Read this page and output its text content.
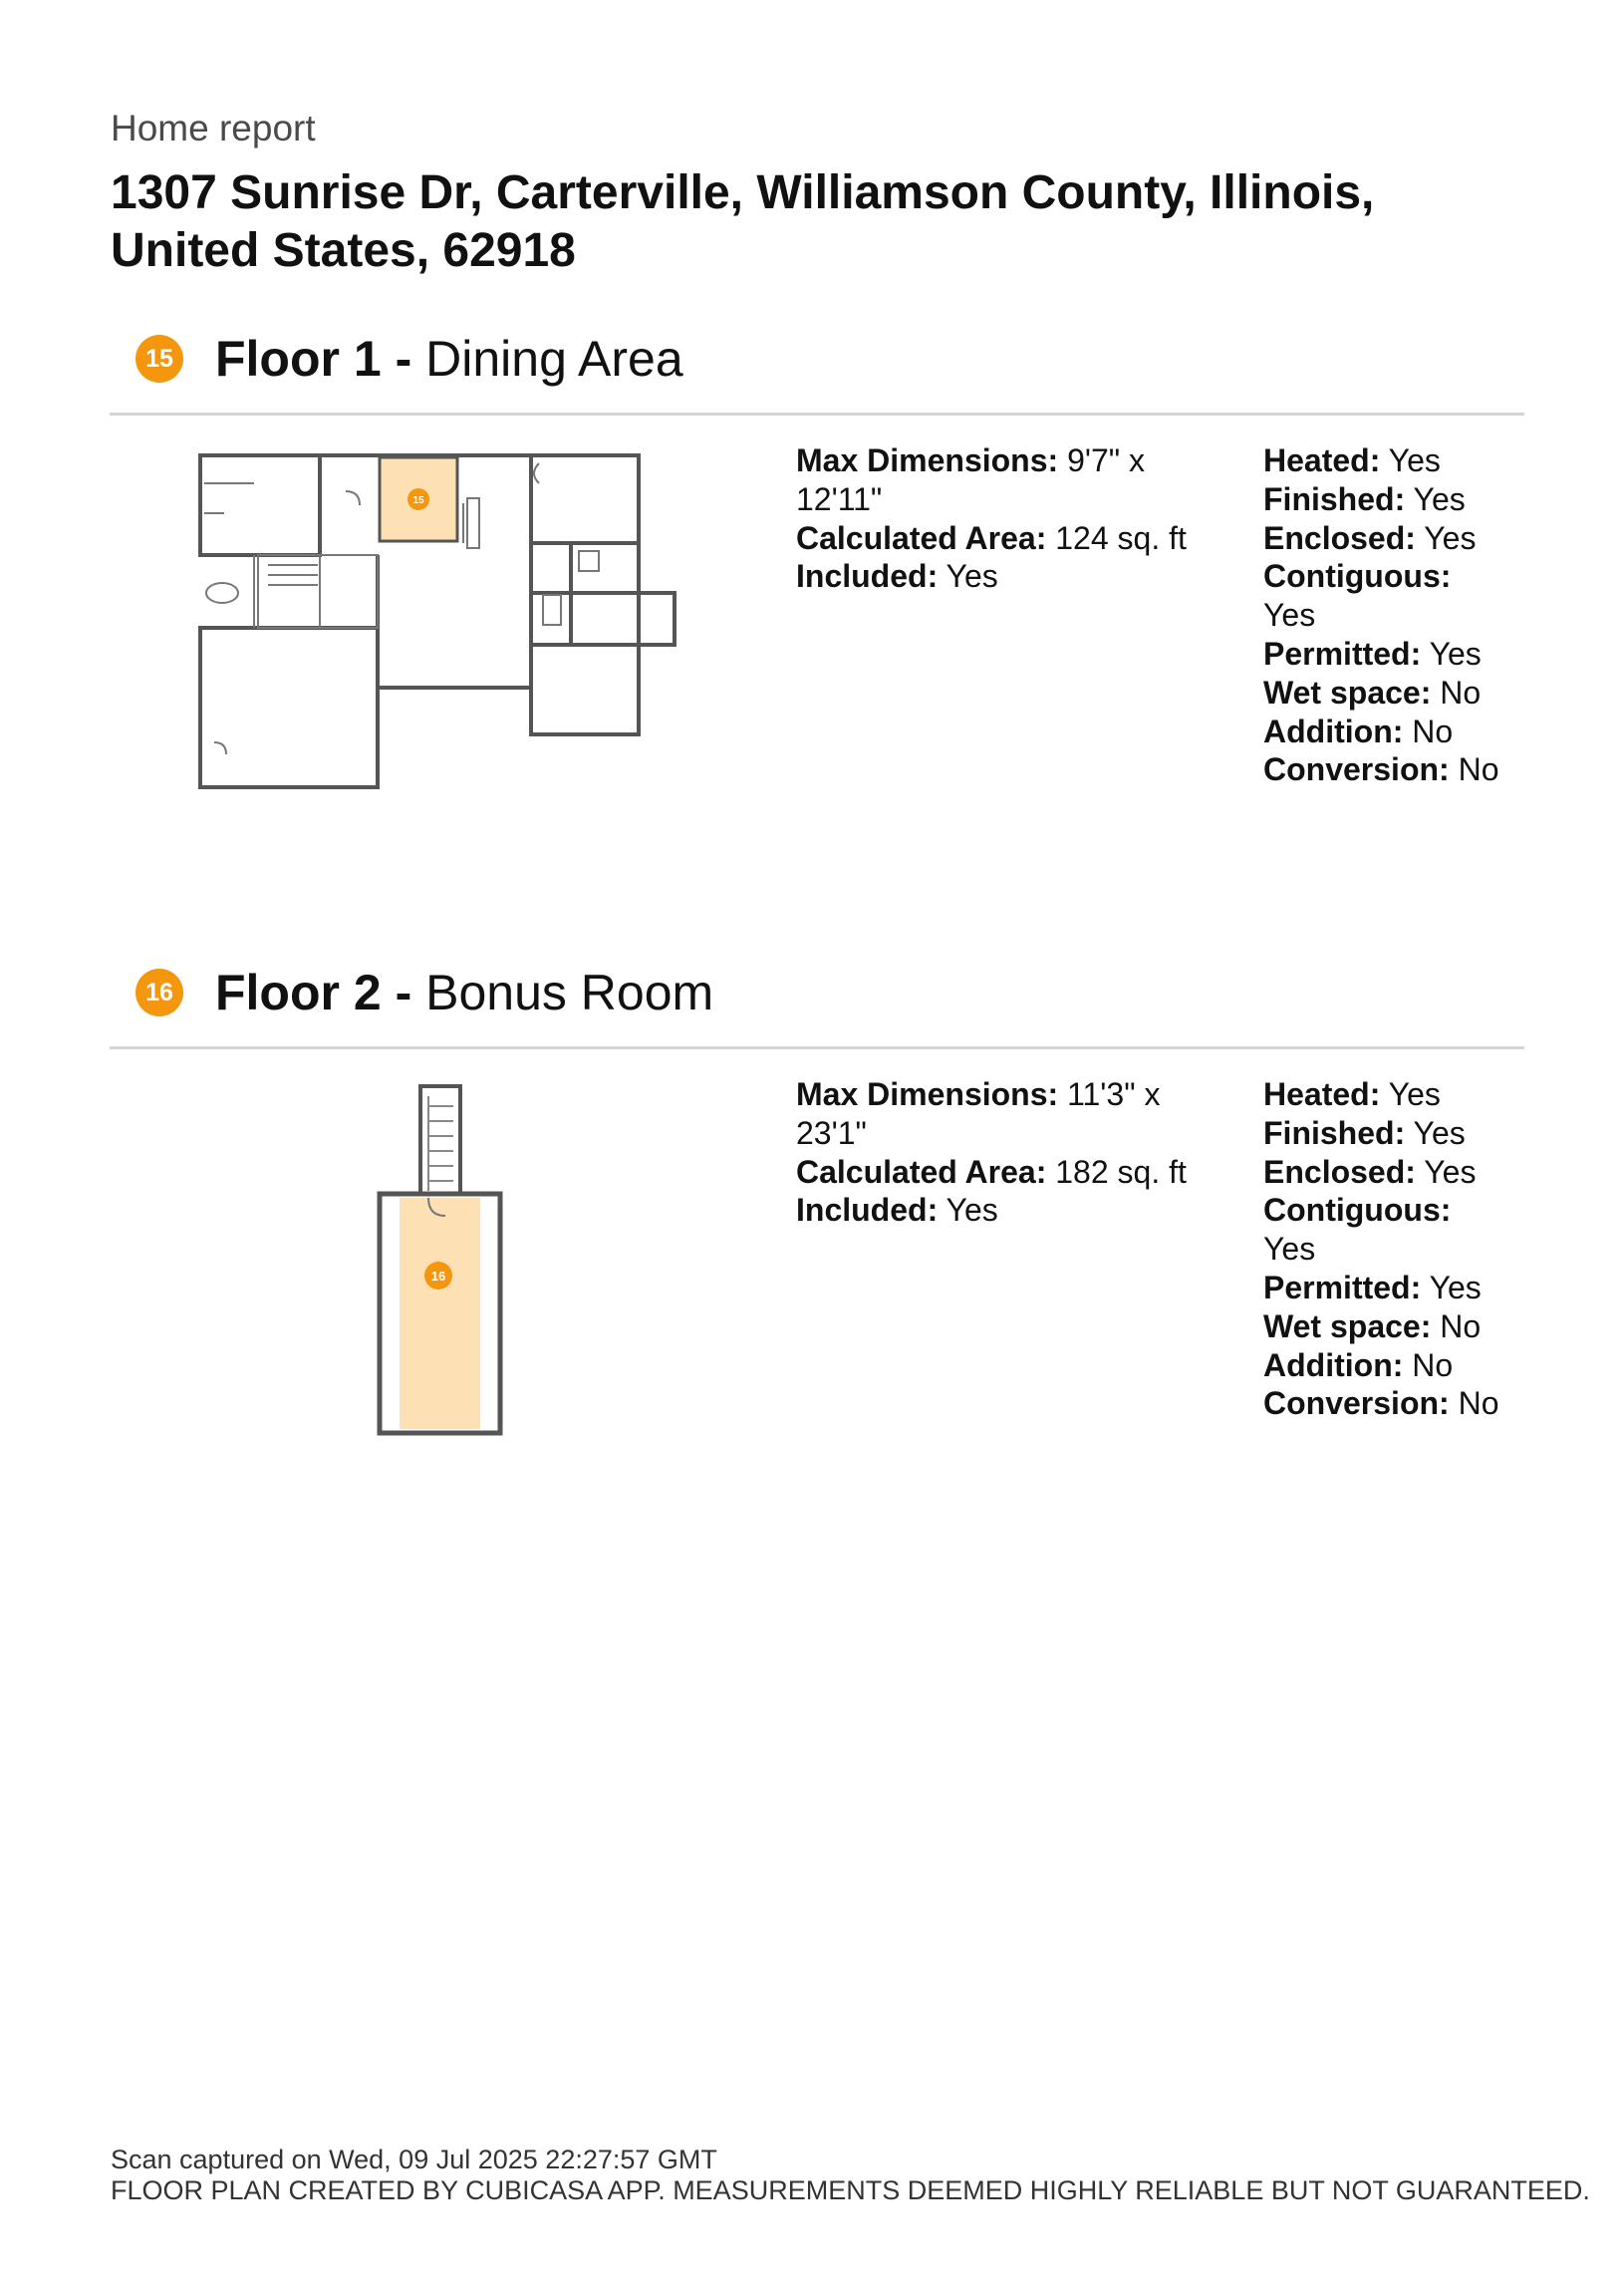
Home report
1307 Sunrise Dr, Carterville, Williamson County, Illinois, United States, 62918
15 Floor 1 - Dining Area
15
Max Dimensions: 9'7" x 12'11"
Calculated Area: 124 sq. ft
Included: Yes
Heated: Yes
Finished: Yes
Enclosed: Yes
Contiguous:
Yes
Permitted: Yes
Wet space: No
Addition: No
Conversion: No
16 Floor 2 - Bonus Room
16
Max Dimensions: 11'3" x 23'1"
Calculated Area: 182 sq. ft
Included: Yes
Heated: Yes
Finished: Yes
Enclosed: Yes
Contiguous:
Yes
Permitted: Yes
Wet space: No
Addition: No
Conversion: No
Scan captured on Wed, 09 Jul 2025 22:27:57 GMT
FLOOR PLAN CREATED BY CUBICASA APP. MEASUREMENTS DEEMED HIGHLY RELIABLE BUT NOT GUARANTEED.
